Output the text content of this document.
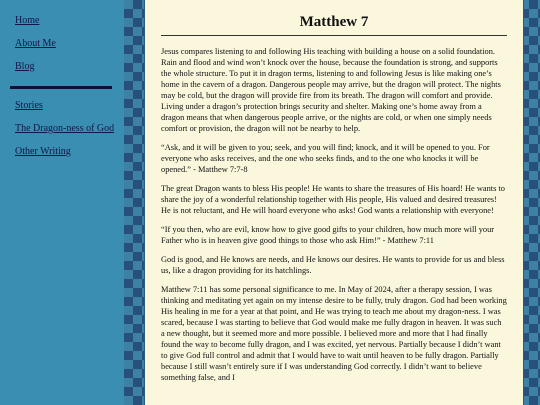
Home
About Me
Blog
Stories
The Dragon-ness of God
Other Writing
Matthew 7

Jesus compares listening to and following His teaching with building a house on a solid foundation. Rain and flood and wind won’t knock over the house, because the foundation is strong, and supports the whole structure. To put it in dragon terms, listening to and following Jesus is like making one’s home in the cavern of a dragon. Dangerous people may arrive, but the dragon will protect. The nights may be cold, but the dragon will provide fire from its breath. The dragon will comfort and provide. Living under a dragon’s protection brings security and shelter. Making one’s home away from a dragon means that when dangerous people arrive, or the nights are cold, or when one simply needs comfort or provision, the dragon will not be nearby to help.

“Ask, and it will be given to you; seek, and you will find; knock, and it will be opened to you. For everyone who asks receives, and the one who seeks finds, and to the one who knocks it will be opened.” - Matthew 7:7-8

The great Dragon wants to bless His people! He wants to share the treasures of His hoard! He wants to share the joy of a wonderful relationship together with His people, His valued and desired treasures! He is not reluctant, and He will hoard everyone who asks! God wants a relationship with everyone!

“If you then, who are evil, know how to give good gifts to your children, how much more will your Father who is in heaven give good things to those who ask Him!” - Matthew 7:11

God is good, and He knows are needs, and He knows our desires. He wants to provide for us and bless us, like a dragon providing for its hatchlings.

Matthew 7:11 has some personal significance to me. In May of 2024, after a therapy session, I was thinking and meditating yet again on my intense desire to be fully, truly dragon. God had been working His healing in me for a year at that point, and He was trying to teach me about my dragon-ness. I was scared, because I was starting to believe that God would make me fully dragon in heaven. It was such a new thought, but it seemed more and more possible. I believed more and more that I had finally found the way to become fully dragon, and I was excited, yet nervous. Partially because I didn’t want to give God full control and admit that I would have to wait until heaven to be fully dragon. Partially because I still wasn’t entirely sure if I was understanding God correctly. I didn’t want to believe something false, and I
